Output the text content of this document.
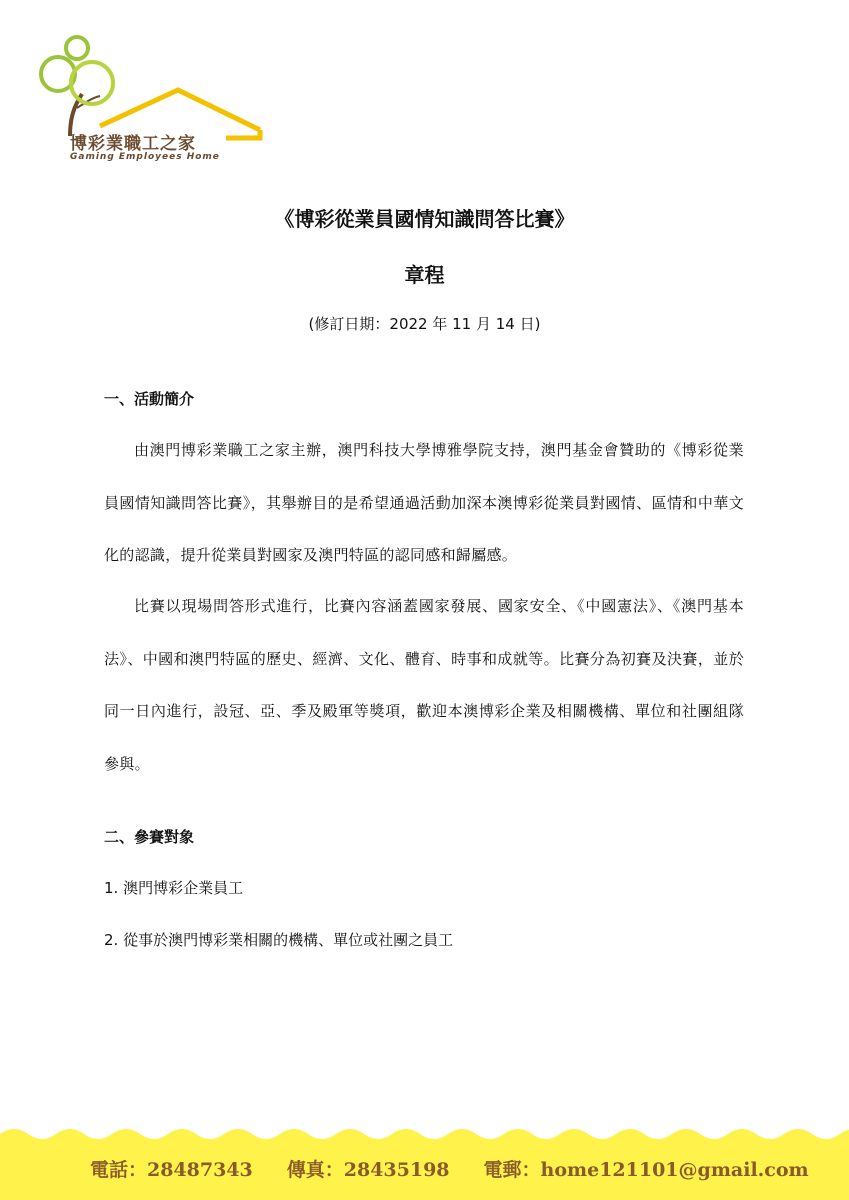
博彩業職工之家
Gaming Employees Home
《博彩從業員國情知識問答比賽》
章程
(修訂日期：2022 年 11 月 14 日)
一、活動簡介
由澳門博彩業職工之家主辦，澳門科技大學博雅學院支持，澳門基金會贊助的《博彩從業員國情知識問答比賽》，其舉辦目的是希望通過活動加深本澳博彩從業員對國情、區情和中華文化的認識，提升從業員對國家及澳門特區的認同感和歸屬感。
比賽以現場問答形式進行，比賽內容涵蓋國家發展、國家安全、《中國憲法》、《澳門基本法》、中國和澳門特區的歷史、經濟、文化、體育、時事和成就等。比賽分為初賽及決賽，並於同一日內進行，設冠、亞、季及殿軍等獎項，歡迎本澳博彩企業及相關機構、單位和社團組隊參與。
二、參賽對象
1. 澳門博彩企業員工
2. 從事於澳門博彩業相關的機構、單位或社團之員工
電話：28487343 傳真：28435198 電郵：home121101@gmail.com
